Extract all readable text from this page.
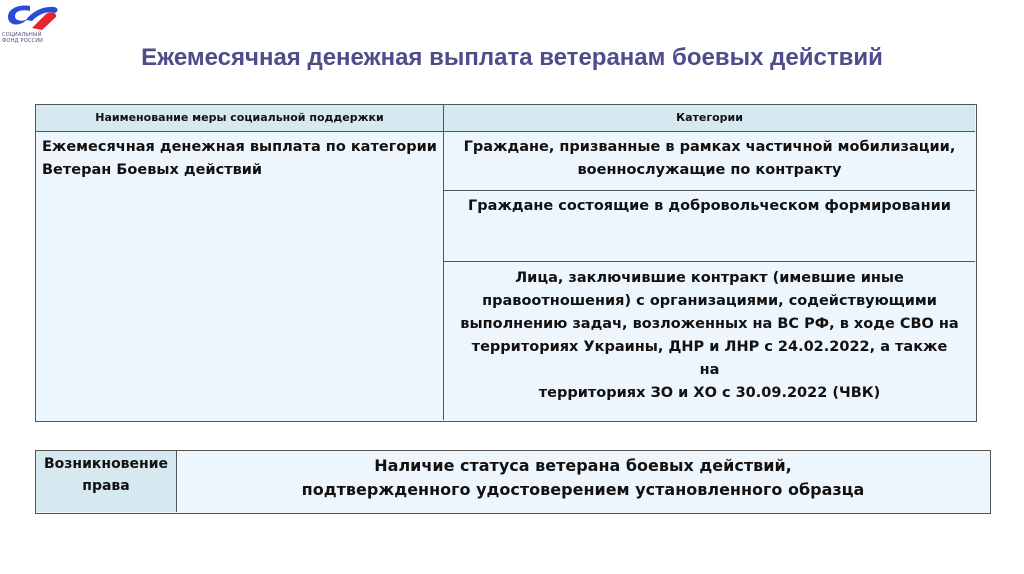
СОЦИАЛЬНЫЙ
ФОНД РОССИИ
Ежемесячная денежная выплата ветеранам боевых действий
Наименование меры социальной поддержки	Категории
Ежемесячная денежная выплата по категории Ветеран Боевых действий
Граждане, призванные в рамках частичной мобилизации,
военнослужащие по контракту
Граждане состоящие в добровольческом формировании
Лица, заключившие контракт (имевшие иные
правоотношения) с организациями, содействующими
выполнению задач, возложенных на ВС РФ, в ходе СВО на
территориях Украины, ДНР и ЛНР с 24.02.2022, а также на
территориях ЗО и ХО с 30.09.2022 (ЧВК)
Возникновение
права
Наличие статуса ветерана боевых действий,
подтвержденного удостоверением установленного образца
